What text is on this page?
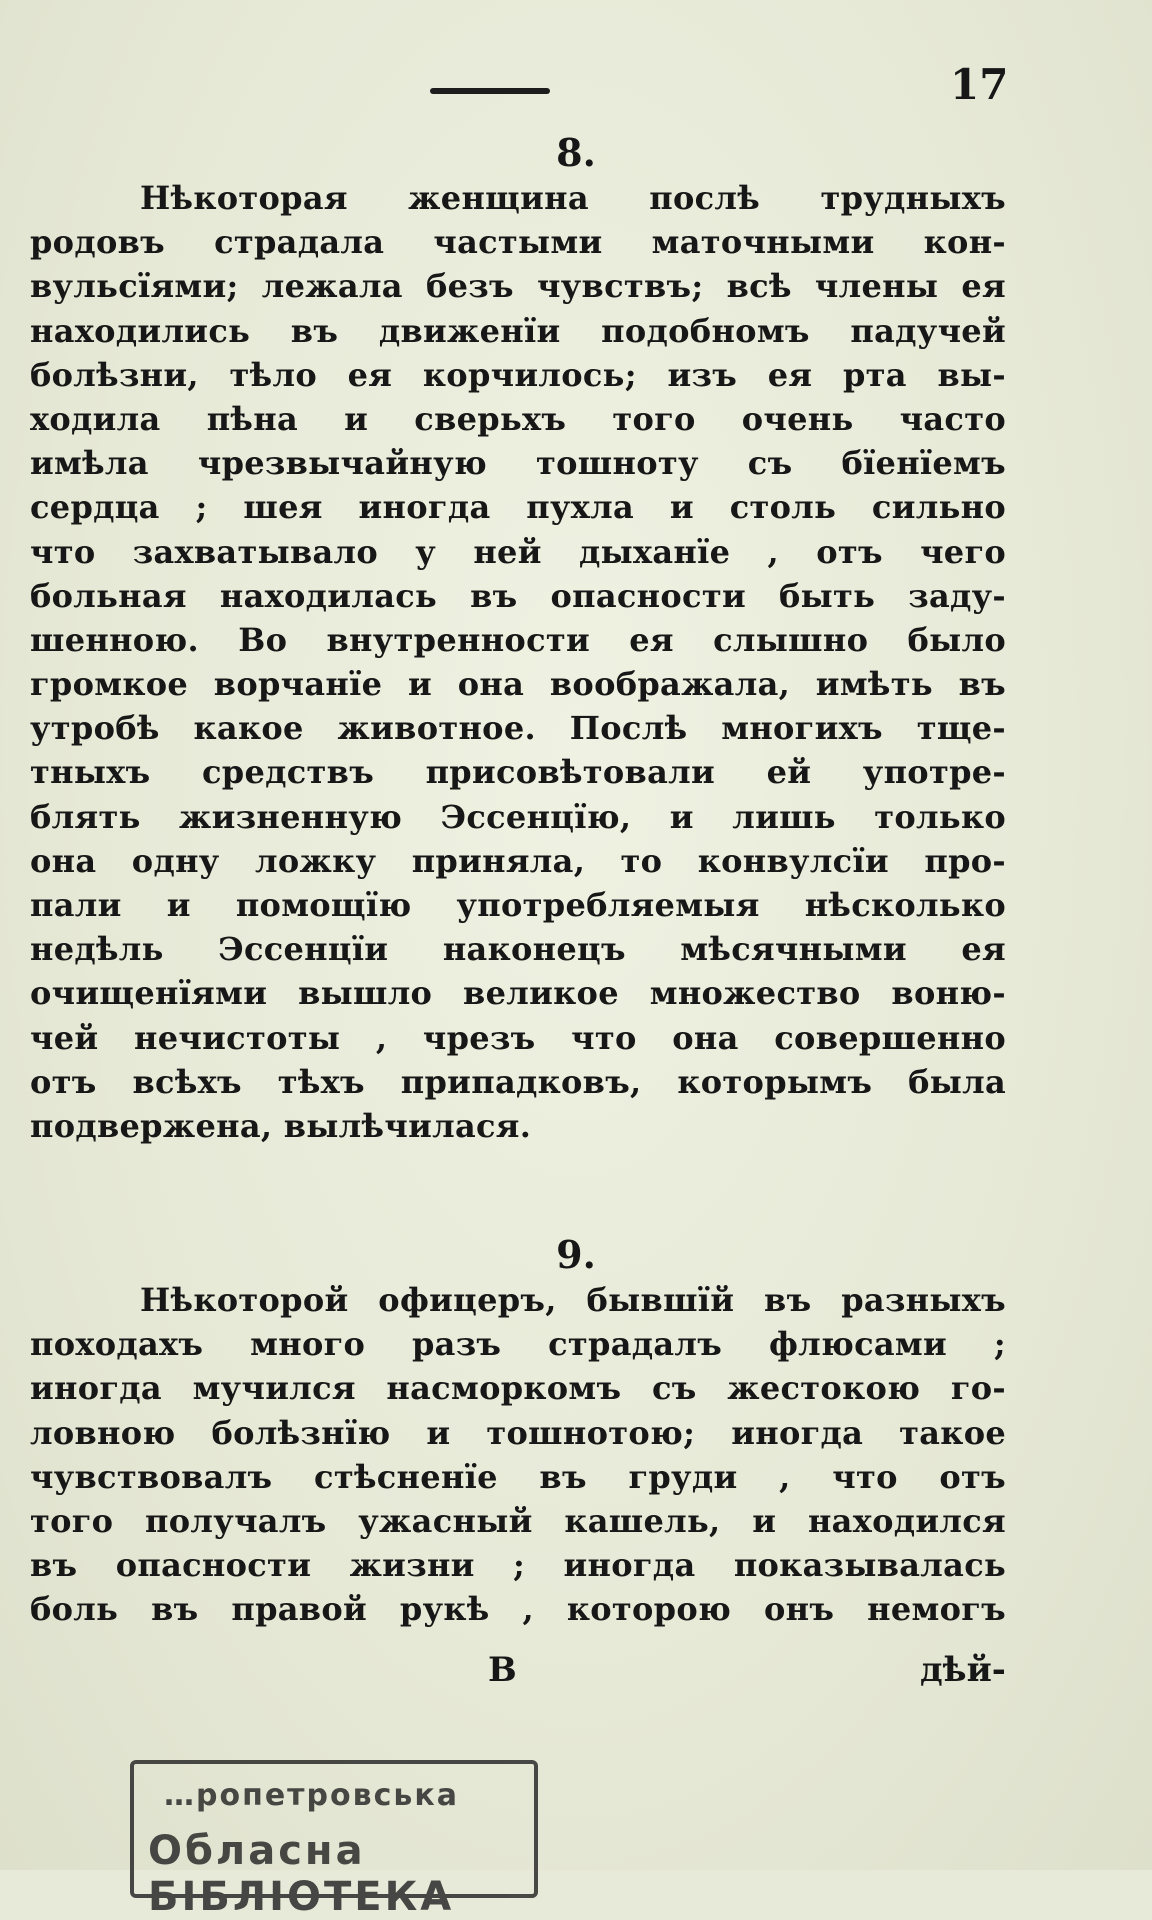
17
8.
Нѣкоторая женщина послѣ трудныхъ
родовъ страдала частыми маточными кон-
вульсїями; лежала безъ чувствъ; всѣ члены ея
находились въ движенїи подобномъ падучей
болѣзни, тѣло ея корчилось; изъ ея рта вы-
ходила пѣна и сверьхъ того очень часто
имѣла чрезвычайную тошноту съ бїенїемъ
сердца ; шея иногда пухла и столь сильно
что захватывало у ней дыханїе , отъ чего
больная находилась въ опасности быть заду-
шенною. Во внутренности ея слышно было
громкое ворчанїе и она воображала, имѣть въ
утробѣ какое животное. Послѣ многихъ тще-
тныхъ средствъ присовѣтовали ей употре-
блять жизненную Эссенцїю, и лишь только
она одну ложку приняла, то конвулсїи про-
пали и помощїю употребляемыя нѣсколько
недѣль Эссенцїи наконецъ мѣсячными ея
очищенїями вышло великое множество воню-
чей нечистоты , чрезъ что она совершенно
отъ всѣхъ тѣхъ припадковъ, которымъ была
подвержена, вылѣчилася.
9.
Нѣкоторой офицеръ, бывшїй въ разныхъ
походахъ много разъ страдалъ флюсами ;
иногда мучился насморкомъ съ жестокою го-
ловною болѣзнїю и тошнотою; иногда такое
чувствовалъ стѣсненїе въ груди , что отъ
того получалъ ужасный кашель, и находился
въ опасности жизни ; иногда показывалась
боль въ правой рукѣ , которою онъ немогъ
В	дѣй-
…ропетровська
Обласна БІБЛІОТЕКА
